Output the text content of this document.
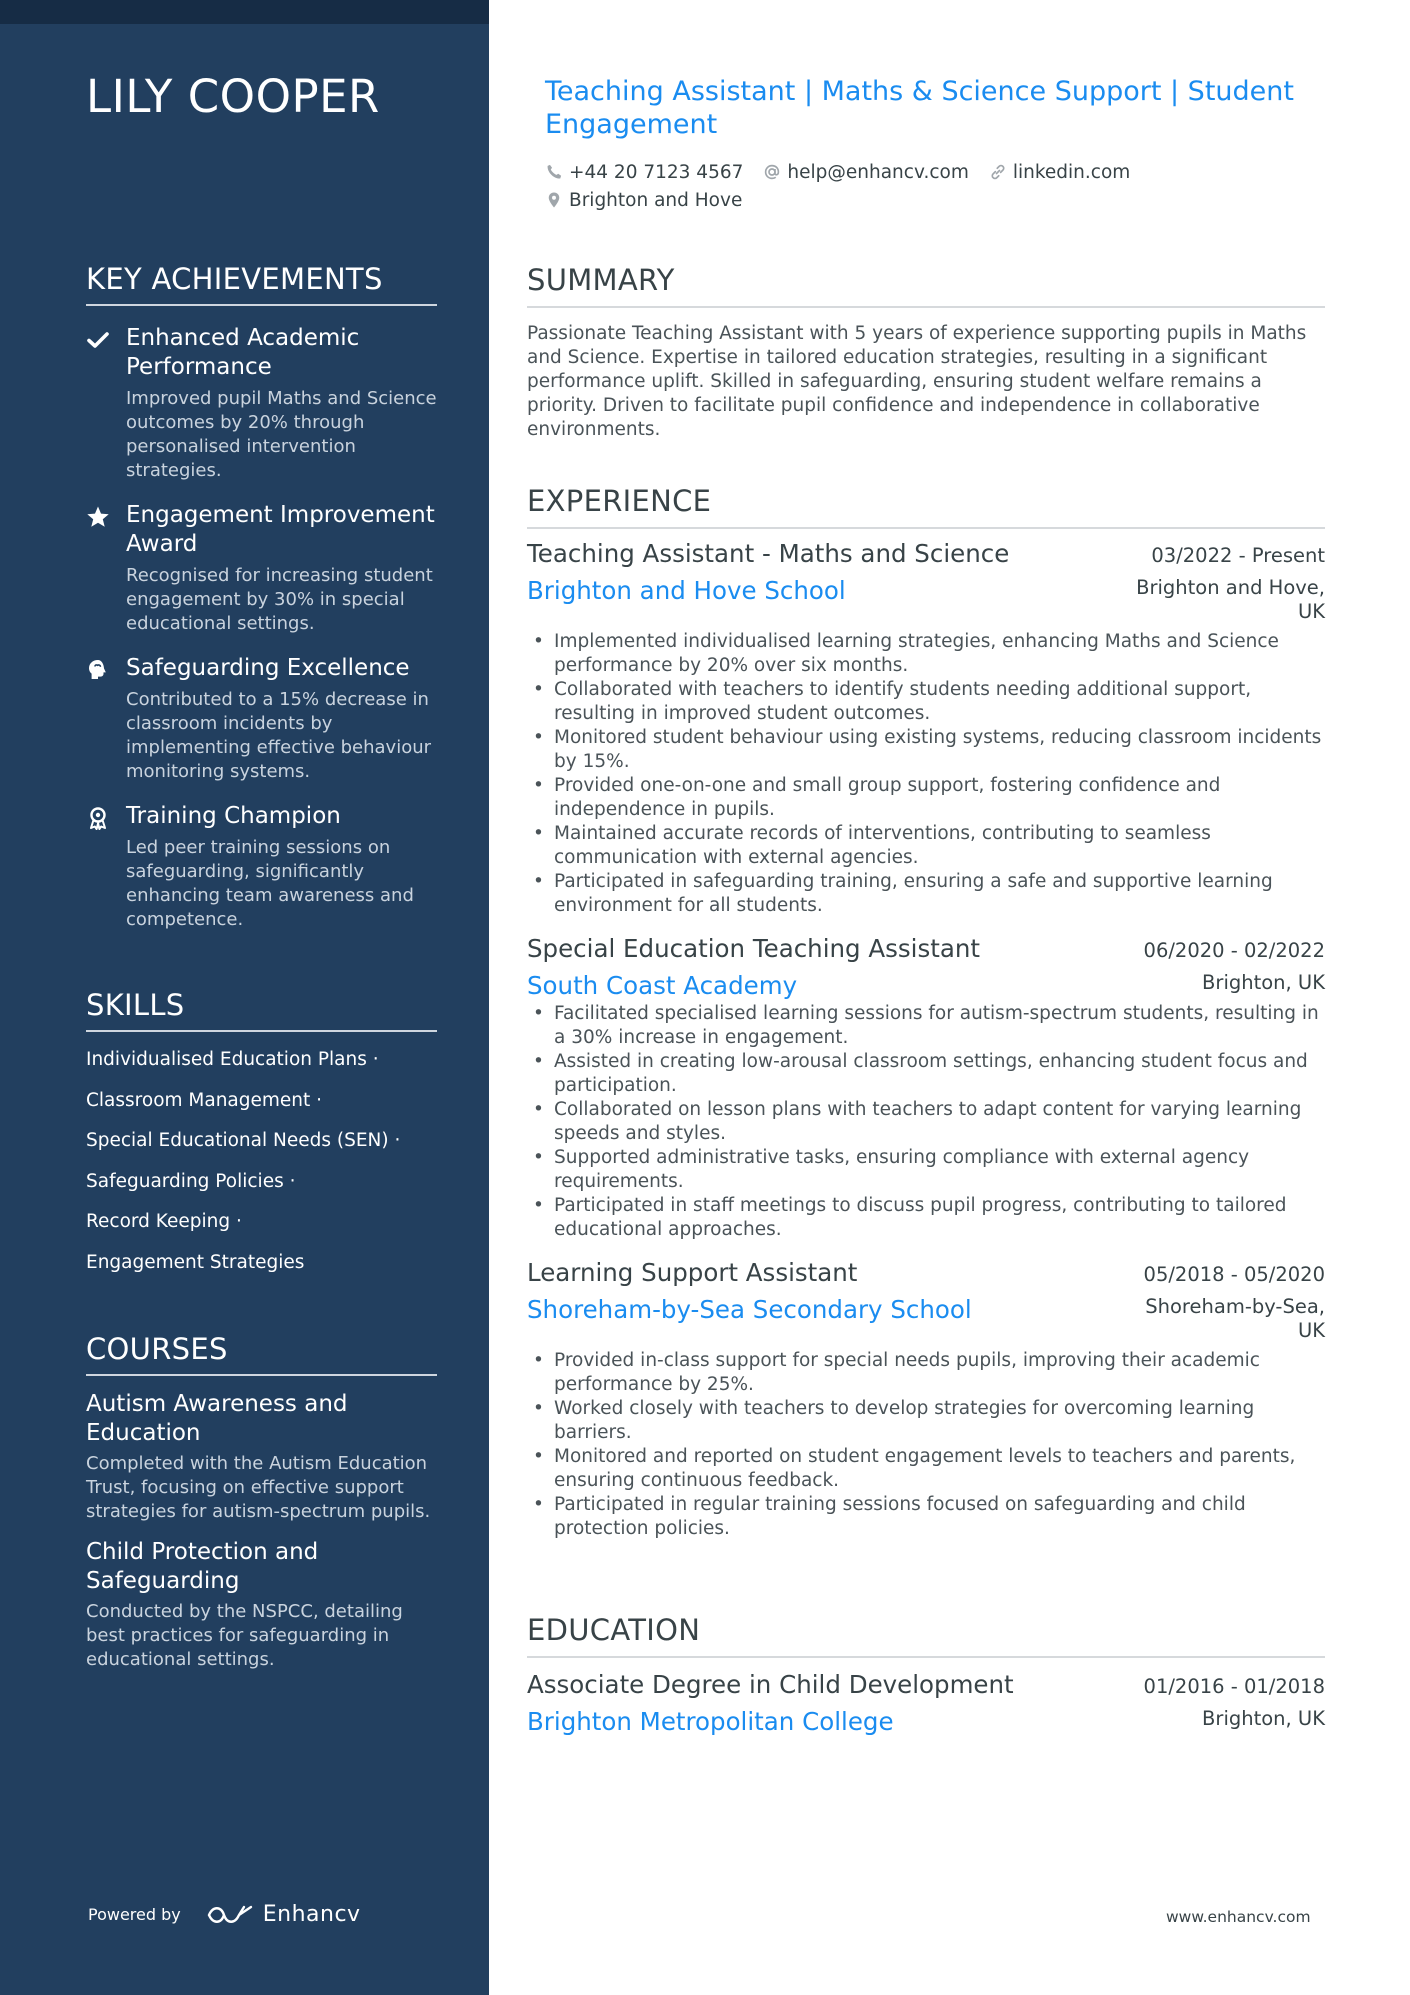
LILY COOPER
KEY ACHIEVEMENTS
Enhanced Academic Performance
Improved pupil Maths and Science outcomes by 20% through personalised intervention strategies.
Engagement Improvement Award
Recognised for increasing student engagement by 30% in special educational settings.
Safeguarding Excellence
Contributed to a 15% decrease in classroom incidents by implementing effective behaviour monitoring systems.
Training Champion
Led peer training sessions on safeguarding, significantly enhancing team awareness and competence.
SKILLS
Individualised Education Plans ·
Classroom Management ·
Special Educational Needs (SEN) ·
Safeguarding Policies ·
Record Keeping ·
Engagement Strategies
COURSES
Autism Awareness and Education
Completed with the Autism Education Trust, focusing on effective support strategies for autism-spectrum pupils.
Child Protection and Safeguarding
Conducted by the NSPCC, detailing best practices for safeguarding in educational settings.
Powered by	Enhancv
Teaching Assistant | Maths & Science Support | Student Engagement
+44 20 7123 4567 help@enhancv.com linkedin.com
Brighton and Hove
SUMMARY
Passionate Teaching Assistant with 5 years of experience supporting pupils in Maths and Science. Expertise in tailored education strategies, resulting in a significant performance uplift. Skilled in safeguarding, ensuring student welfare remains a priority. Driven to facilitate pupil confidence and independence in collaborative environments.
EXPERIENCE
Teaching Assistant - Maths and Science	03/2022 - Present
Brighton and Hove School	Brighton and Hove, UK
• Implemented individualised learning strategies, enhancing Maths and Science performance by 20% over six months.
• Collaborated with teachers to identify students needing additional support, resulting in improved student outcomes.
• Monitored student behaviour using existing systems, reducing classroom incidents by 15%.
• Provided one-on-one and small group support, fostering confidence and independence in pupils.
• Maintained accurate records of interventions, contributing to seamless communication with external agencies.
• Participated in safeguarding training, ensuring a safe and supportive learning environment for all students.
Special Education Teaching Assistant	06/2020 - 02/2022
South Coast Academy	Brighton, UK
• Facilitated specialised learning sessions for autism-spectrum students, resulting in a 30% increase in engagement.
• Assisted in creating low-arousal classroom settings, enhancing student focus and participation.
• Collaborated on lesson plans with teachers to adapt content for varying learning speeds and styles.
• Supported administrative tasks, ensuring compliance with external agency requirements.
• Participated in staff meetings to discuss pupil progress, contributing to tailored educational approaches.
Learning Support Assistant	05/2018 - 05/2020
Shoreham-by-Sea Secondary School	Shoreham-by-Sea, UK
• Provided in-class support for special needs pupils, improving their academic performance by 25%.
• Worked closely with teachers to develop strategies for overcoming learning barriers.
• Monitored and reported on student engagement levels to teachers and parents, ensuring continuous feedback.
• Participated in regular training sessions focused on safeguarding and child protection policies.
EDUCATION
Associate Degree in Child Development	01/2016 - 01/2018
Brighton Metropolitan College	Brighton, UK
www.enhancv.com
